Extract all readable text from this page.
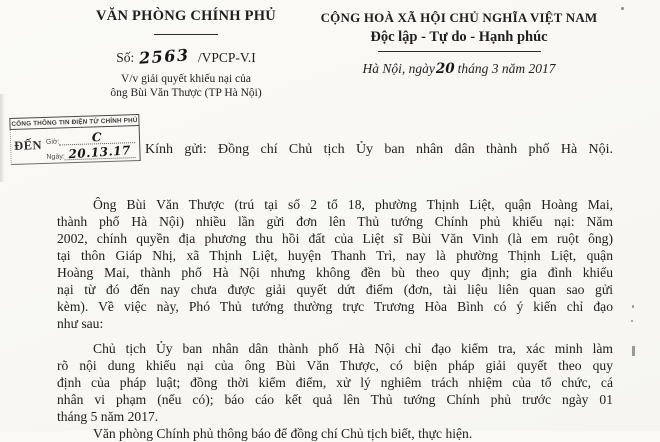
VĂN PHÒNG CHÍNH PHỦ
Số: 2563 /VPCP-V.I
V/v giải quyết khiếu nại của
ông Bùi Văn Thược (TP Hà Nội)
CỘNG HOÀ XÃ HỘI CHỦ NGHĨA VIỆT NAM
Độc lập - Tự do - Hạnh phúc
Hà Nội, ngày20 tháng 3 năm 2017
CỔNG THÔNG TIN ĐIỆN TỬ CHÍNH PHỦ
ĐẾN Giờ:	C
Ngày: 20.13.17 Kính gửi: Đồng chí Chủ tịch Ủy ban nhân dân thành phố Hà Nội.
Ông Bùi Văn Thược (trú tại số 2 tổ 18, phường Thịnh Liệt, quận Hoàng Mai,
thành phố Hà Nội) nhiều lần gửi đơn lên Thủ tướng Chính phủ khiếu nại: Năm
2002, chính quyền địa phương thu hồi đất của Liệt sĩ Bùi Văn Vinh (là em ruột ông)
tại thôn Giáp Nhị, xã Thịnh Liệt, huyện Thanh Trì, nay là phường Thịnh Liệt, quận
Hoàng Mai, thành phố Hà Nội nhưng không đền bù theo quy định; gia đình khiếu
nại từ đó đến nay chưa được giải quyết dứt điểm (đơn, tài liệu liên quan sao gửi
kèm). Về việc này, Phó Thủ tướng thường trực Trương Hòa Bình có ý kiến chỉ đạo
như sau:
Chủ tịch Ủy ban nhân dân thành phố Hà Nội chỉ đạo kiểm tra, xác minh làm
rõ nội dung khiếu nại của ông Bùi Văn Thược, có biện pháp giải quyết theo quy
định của pháp luật; đồng thời kiểm điểm, xử lý nghiêm trách nhiệm của tổ chức, cá
nhân vi phạm (nếu có); báo cáo kết quả lên Thủ tướng Chính phủ trước ngày 01
tháng 5 năm 2017.
Văn phòng Chính phủ thông báo để đồng chí Chủ tịch biết, thực hiện.
